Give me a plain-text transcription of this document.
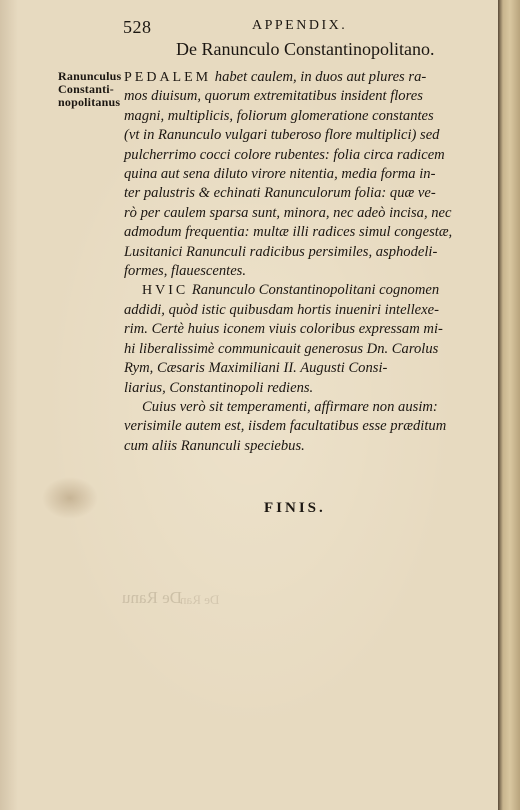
De Ranu
De Ran
528	APPENDIX.
De Ranunculo Constantinopolitano.
Ranunculus
Constanti-
nopolitanus
PEDALEM habet caulem, in duos aut plures ra-
mos diuisum, quorum extremitatibus insident flores
magni, multiplicis, foliorum glomeratione constantes
(vt in Ranunculo vulgari tuberoso flore multiplici) sed
pulcherrimo cocci colore rubentes: folia circa radicem
quina aut sena diluto virore nitentia, media forma in-
ter palustris & echinati Ranunculorum folia: quæ ve-
rò per caulem sparsa sunt, minora, nec adeò incisa, nec
admodum frequentia: multæ illi radices simul congestæ,
Lusitanici Ranunculi radicibus persimiles, asphodeli-
formes, flauescentes.
HVIC Ranunculo Constantinopolitani cognomen
addidi, quòd istic quibusdam hortis inueniri intellexe-
rim. Certè huius iconem viuis coloribus expressam mi-
hi liberalissimè communicauit generosus Dn. Carolus
Rym, Cæsaris Maximiliani II. Augusti Consi-
liarius, Constantinopoli rediens.
Cuius verò sit temperamenti, affirmare non ausim:
verisimile autem est, iisdem facultatibus esse præditum
cum aliis Ranunculi speciebus.
FINIS.
